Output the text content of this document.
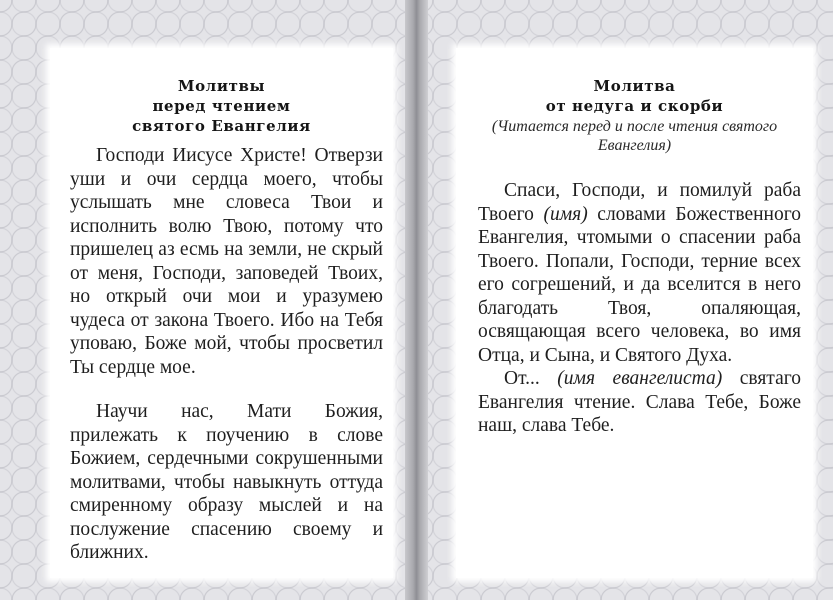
Молитвы
перед чтением
святого Евангелия

Господи Иисусе Христе! Отверзи уши и очи сердца моего, чтобы услышать мне словеса Твои и исполнить волю Твою, потому что пришелец аз есмь на земли, не скрый от меня, Господи, заповедей Твоих, но открый очи мои и уразумею чудеса от закона Твоего. Ибо на Тебя уповаю, Боже мой, чтобы просветил Ты сердце мое.

Научи нас, Мати Божия, прилежать к поучению в слове Божием, сердечными сокрушенными молитвами, чтобы навыкнуть оттуда смиренному образу мыслей и на послужение спасению своему и ближних.

Молитва
от недуга и скорби
(Читается перед и после чтения святого Евангелия)

Спаси, Господи, и помилуй раба Твоего (имя) словами Божественного Евангелия, чтомыми о спасении раба Твоего. Попали, Господи, терние всех его согрешений, и да вселится в него благодать Твоя, опаляющая, освящающая всего человека, во имя Отца, и Сына, и Святого Духа.

От... (имя евангелиста) святаго Евангелия чтение. Слава Тебе, Боже наш, слава Тебе.
